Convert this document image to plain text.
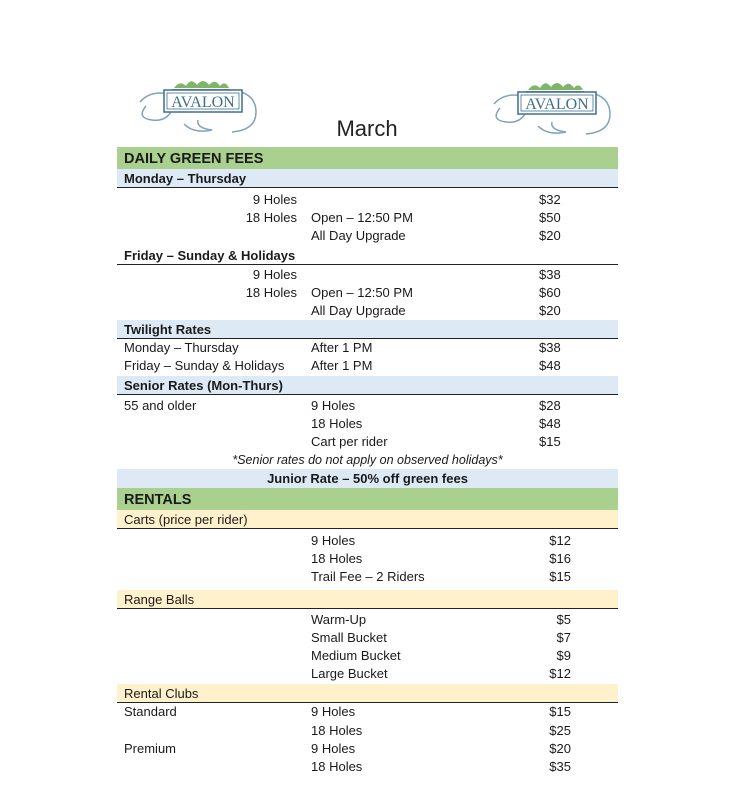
AVALON	AVALON
March
DAILY GREEN FEES
Monday – Thursday
9 Holes	$32
18 Holes Open – 12:50 PM	$50
All Day Upgrade	$20
Friday – Sunday & Holidays
9 Holes	$38
18 Holes Open – 12:50 PM	$60
All Day Upgrade	$20
Twilight Rates
Monday – Thursday	After 1 PM	$38
Friday – Sunday & Holidays After 1 PM	$48
Senior Rates (Mon-Thurs)
55 and older	9 Holes	$28
18 Holes	$48
Cart per rider	$15
*Senior rates do not apply on observed holidays*
Junior Rate – 50% off green fees
RENTALS
Carts (price per rider)
9 Holes	$12
18 Holes	$16
Trail Fee – 2 Riders	$15
Range Balls
Warm-Up	$5
Small Bucket	$7
Medium Bucket	$9
Large Bucket	$12
Rental Clubs
Standard	9 Holes	$15
18 Holes	$25
Premium	9 Holes	$20
18 Holes	$35
